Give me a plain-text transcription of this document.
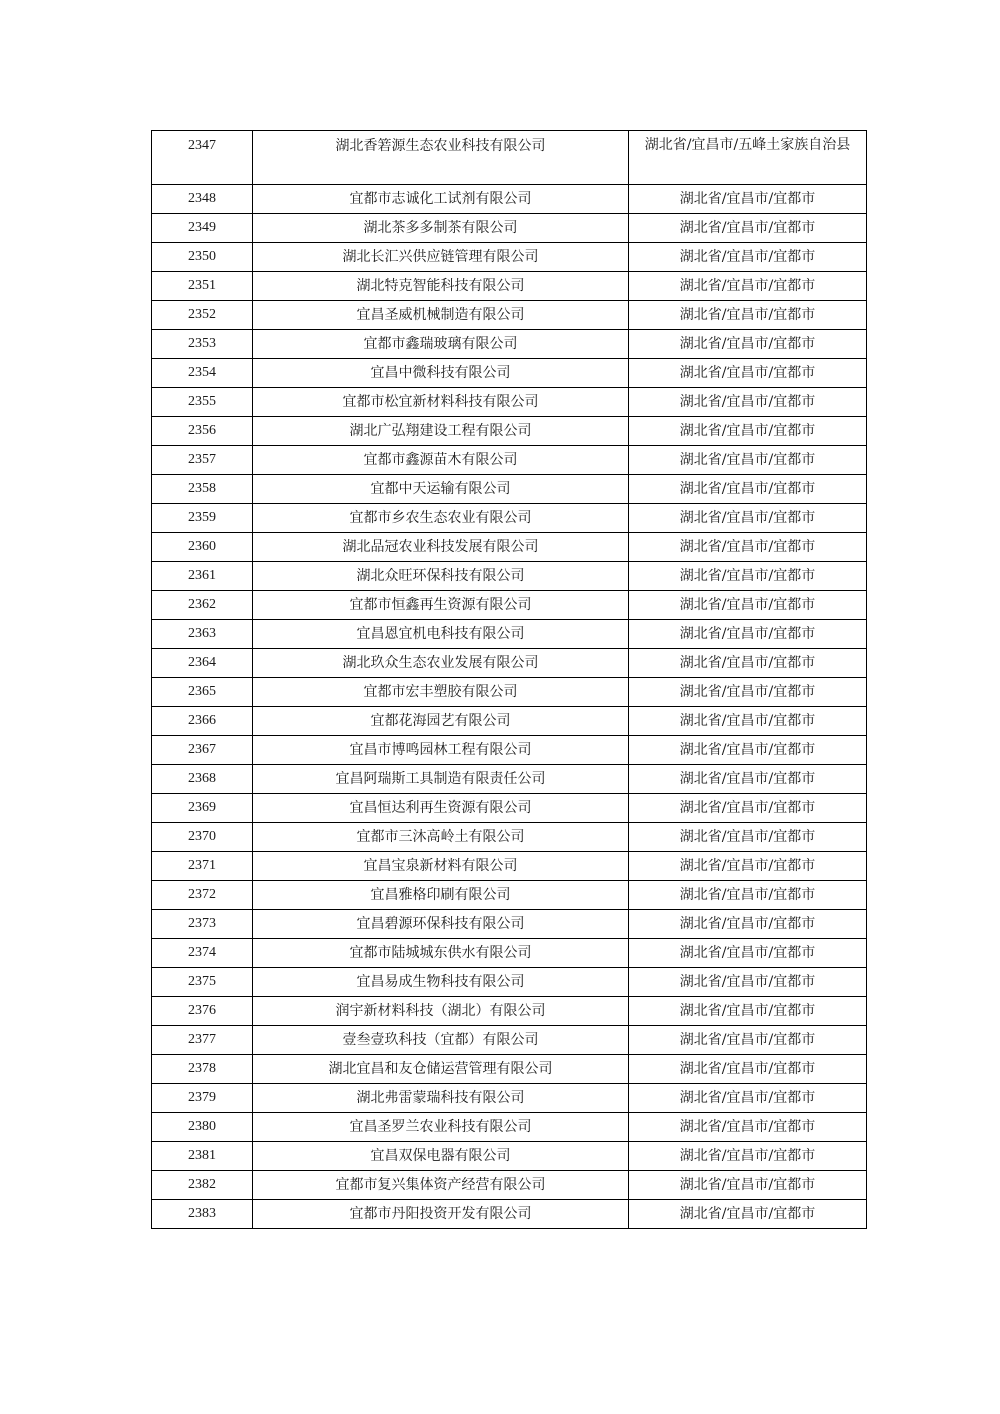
2347	湖北香箬源生态农业科技有限公司	湖北省/宜昌市/五峰土家族自治县
2348	宜都市志诚化工试剂有限公司	湖北省/宜昌市/宜都市
2349	湖北茶多多制茶有限公司	湖北省/宜昌市/宜都市
2350	湖北长汇兴供应链管理有限公司	湖北省/宜昌市/宜都市
2351	湖北特克智能科技有限公司	湖北省/宜昌市/宜都市
2352	宜昌圣威机械制造有限公司	湖北省/宜昌市/宜都市
2353	宜都市鑫瑞玻璃有限公司	湖北省/宜昌市/宜都市
2354	宜昌中微科技有限公司	湖北省/宜昌市/宜都市
2355	宜都市松宜新材料科技有限公司	湖北省/宜昌市/宜都市
2356	湖北广弘翔建设工程有限公司	湖北省/宜昌市/宜都市
2357	宜都市鑫源苗木有限公司	湖北省/宜昌市/宜都市
2358	宜都中天运输有限公司	湖北省/宜昌市/宜都市
2359	宜都市乡农生态农业有限公司	湖北省/宜昌市/宜都市
2360	湖北品冠农业科技发展有限公司	湖北省/宜昌市/宜都市
2361	湖北众旺环保科技有限公司	湖北省/宜昌市/宜都市
2362	宜都市恒鑫再生资源有限公司	湖北省/宜昌市/宜都市
2363	宜昌恩宜机电科技有限公司	湖北省/宜昌市/宜都市
2364	湖北玖众生态农业发展有限公司	湖北省/宜昌市/宜都市
2365	宜都市宏丰塑胶有限公司	湖北省/宜昌市/宜都市
2366	宜都花海园艺有限公司	湖北省/宜昌市/宜都市
2367	宜昌市博鸣园林工程有限公司	湖北省/宜昌市/宜都市
2368	宜昌阿瑞斯工具制造有限责任公司	湖北省/宜昌市/宜都市
2369	宜昌恒达利再生资源有限公司	湖北省/宜昌市/宜都市
2370	宜都市三沐高岭土有限公司	湖北省/宜昌市/宜都市
2371	宜昌宝泉新材料有限公司	湖北省/宜昌市/宜都市
2372	宜昌雅格印刷有限公司	湖北省/宜昌市/宜都市
2373	宜昌碧源环保科技有限公司	湖北省/宜昌市/宜都市
2374	宜都市陆城城东供水有限公司	湖北省/宜昌市/宜都市
2375	宜昌易成生物科技有限公司	湖北省/宜昌市/宜都市
2376	润宇新材料科技（湖北）有限公司	湖北省/宜昌市/宜都市
2377	壹叁壹玖科技（宜都）有限公司	湖北省/宜昌市/宜都市
2378	湖北宜昌和友仓储运营管理有限公司	湖北省/宜昌市/宜都市
2379	湖北弗雷蒙瑞科技有限公司	湖北省/宜昌市/宜都市
2380	宜昌圣罗兰农业科技有限公司	湖北省/宜昌市/宜都市
2381	宜昌双保电器有限公司	湖北省/宜昌市/宜都市
2382	宜都市复兴集体资产经营有限公司	湖北省/宜昌市/宜都市
2383	宜都市丹阳投资开发有限公司	湖北省/宜昌市/宜都市
